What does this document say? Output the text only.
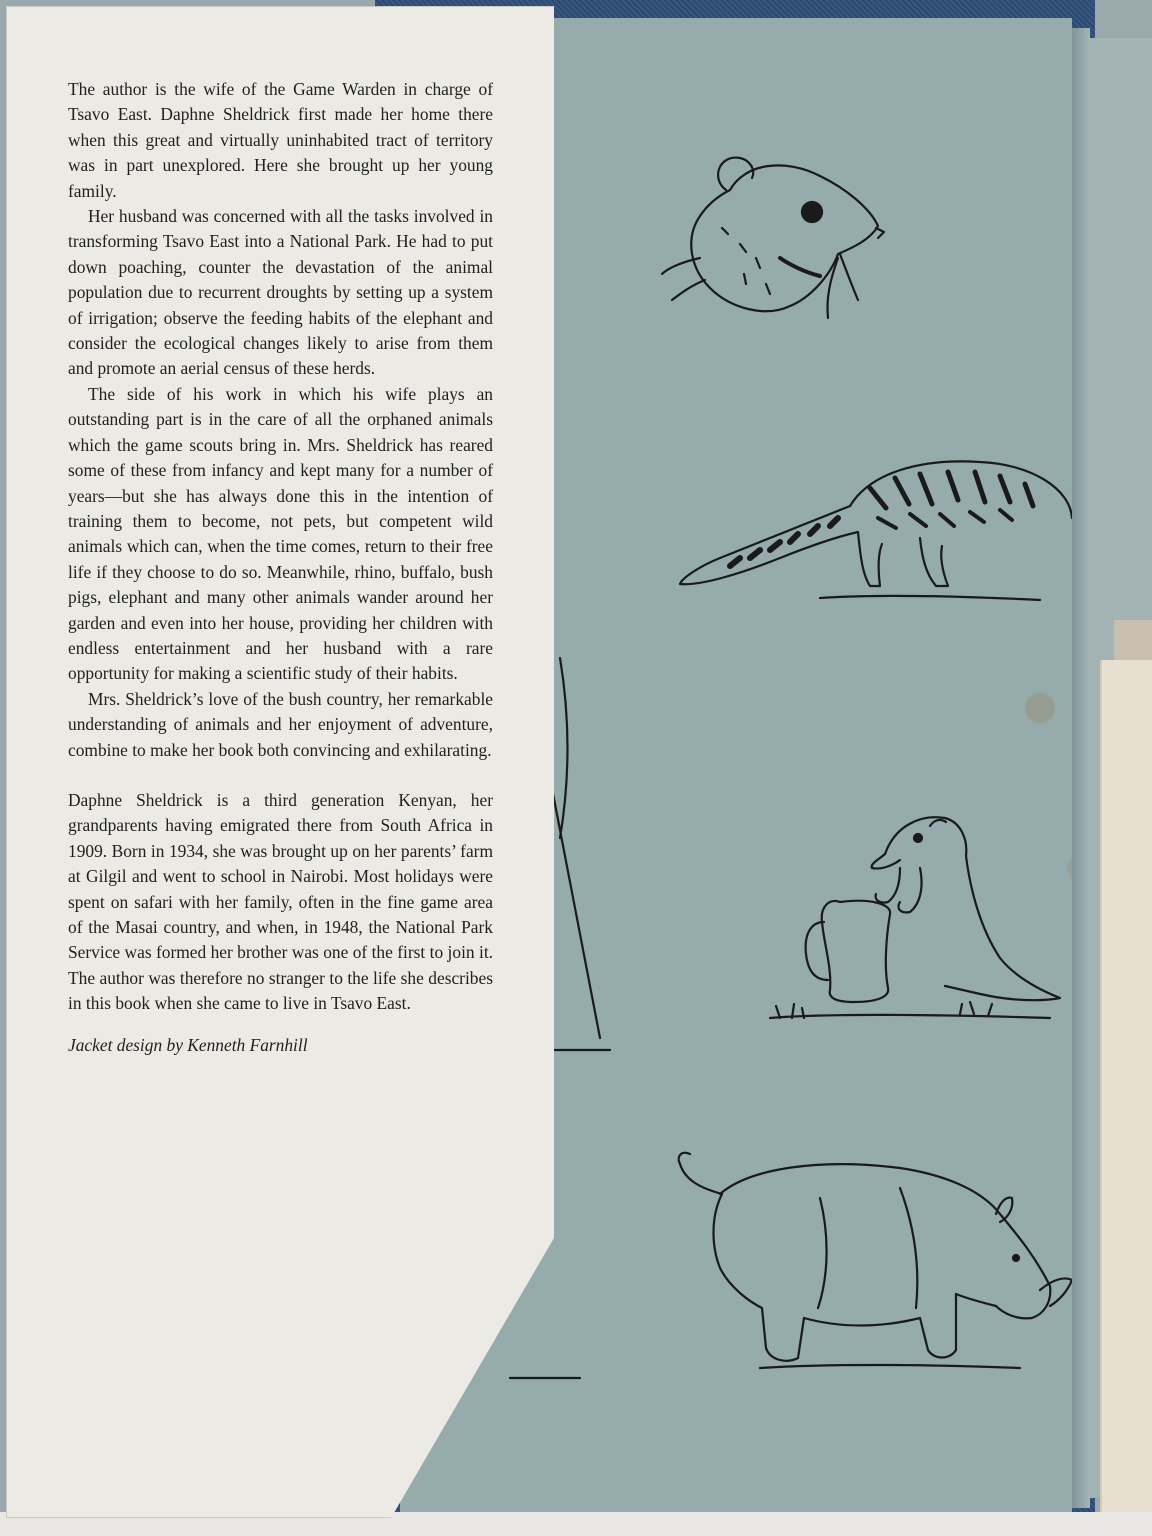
The author is the wife of the Game Warden in charge of Tsavo East. Daphne Sheldrick first made her home there when this great and virtually uninhabited tract of territory was in part unexplored. Here she brought up her young family.

Her husband was concerned with all the tasks involved in transforming Tsavo East into a National Park. He had to put down poaching, counter the devastation of the animal population due to recurrent droughts by setting up a system of irrigation; observe the feeding habits of the elephant and consider the ecological changes likely to arise from them and promote an aerial census of these herds.

The side of his work in which his wife plays an outstanding part is in the care of all the orphaned animals which the game scouts bring in. Mrs. Sheldrick has reared some of these from infancy and kept many for a number of years—but she has always done this in the intention of training them to become, not pets, but competent wild animals which can, when the time comes, return to their free life if they choose to do so. Meanwhile, rhino, buffalo, bush pigs, elephant and many other animals wander around her garden and even into her house, providing her children with endless entertainment and her husband with a rare opportunity for making a scientific study of their habits.

Mrs. Sheldrick’s love of the bush country, her remarkable understanding of animals and her enjoyment of adventure, combine to make her book both convincing and exhilarating.

Daphne Sheldrick is a third generation Kenyan, her grandparents having emigrated there from South Africa in 1909. Born in 1934, she was brought up on her parents’ farm at Gilgil and went to school in Nairobi. Most holidays were spent on safari with her family, often in the fine game area of the Masai country, and when, in 1948, the National Park Service was formed her brother was one of the first to join it. The author was therefore no stranger to the life she describes in this book when she came to live in Tsavo East.

Jacket design by Kenneth Farnhill
